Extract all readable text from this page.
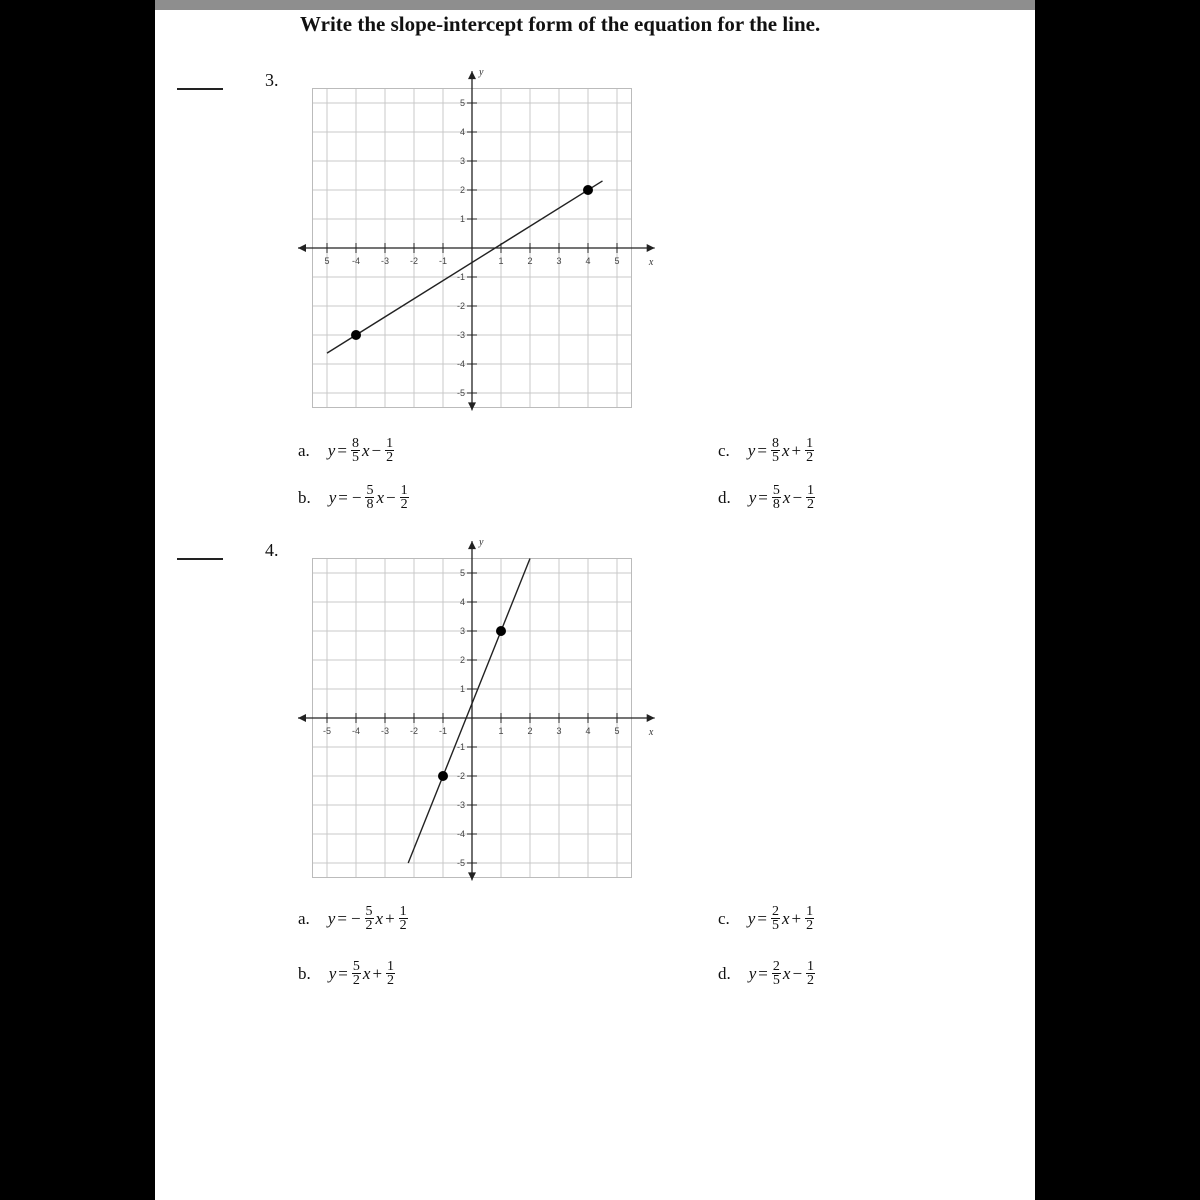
Write the slope-intercept form of the equation for the line.
3.
x
y
5 -4 -3 -2 -1	1	2	3	4	5
5
4
3
2
1
-1
-2
-3
-4
-5
a. $y = \frac{8}{5}$ $x - \frac{1}{2}$
b. y = − $\frac{5}{8}$ $x - \frac{1}{2}$
c. $y = \frac{8}{5}$ $x + \frac{1}{2}$
d. $y = \frac{5}{8}$ $x - \frac{1}{2}$
4.
x
y
-5 -4 -3 -2 -1	1	2	3	4	5
5
4
3
2
1
-1
-2
-3
-4
-5
a. y = − $\frac{5}{2}$ $x + \frac{1}{2}$
b. $y = \frac{5}{2}$ $x + \frac{1}{2}$
c. $y = \frac{2}{5}$ $x + \frac{1}{2}$
d. $y = \frac{2}{5}$ $x - \frac{1}{2}$
